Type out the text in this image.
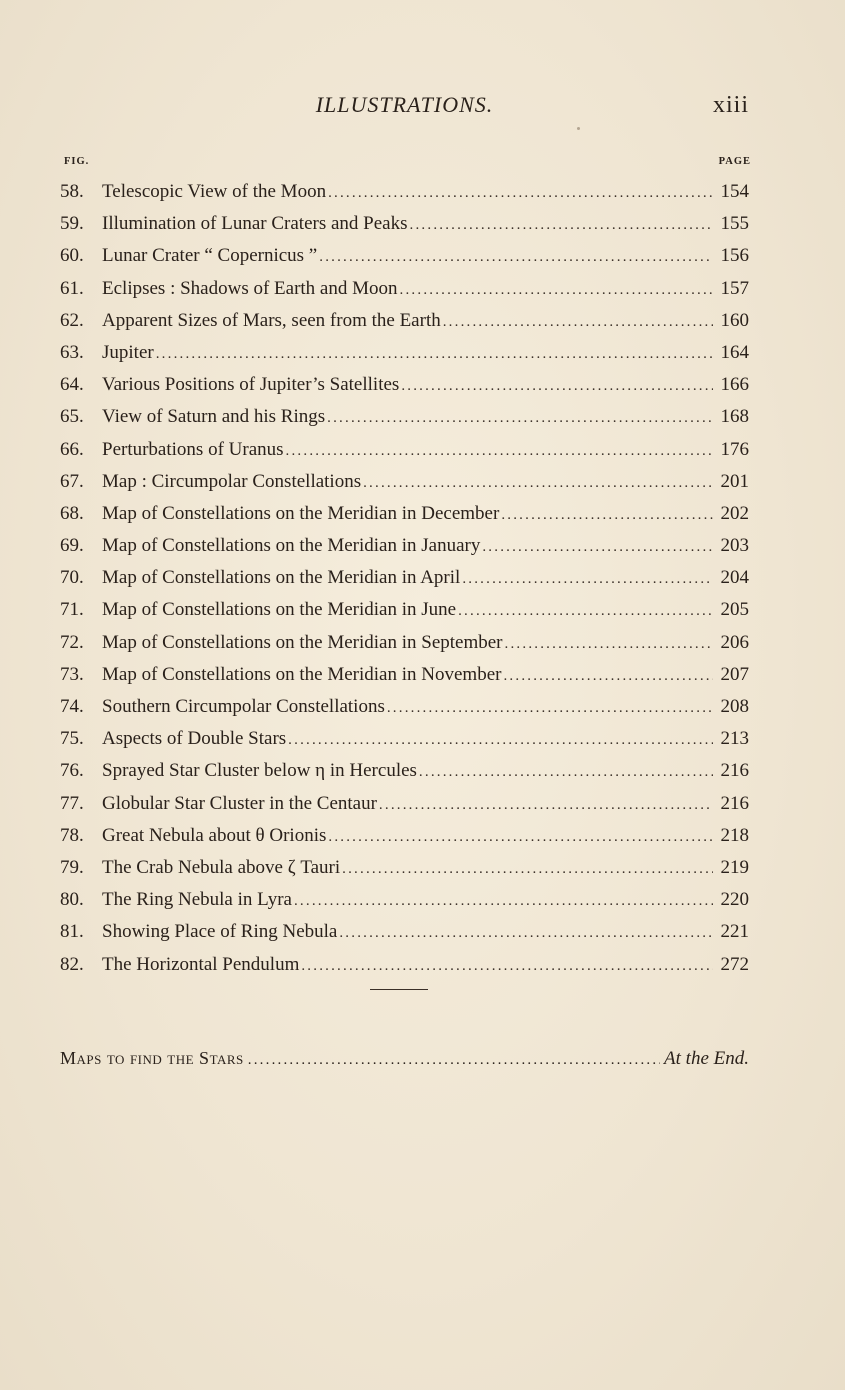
ILLUSTRATIONS.	xiii
FIG.	PAGE
58. Telescopic View of the Moon .....	154
59. Illumination of Lunar Craters and Peaks .....	155
60. Lunar Crater “ Copernicus ” .....	156
61. Eclipses : Shadows of Earth and Moon .....	157
62. Apparent Sizes of Mars, seen from the Earth .....	160
63. Jupiter .....	164
64. Various Positions of Jupiter’s Satellites .....	166
65. View of Saturn and his Rings .....	168
66. Perturbations of Uranus .....	176
67. Map : Circumpolar Constellations .....	201
68. Map of Constellations on the Meridian in December .....	202
69. Map of Constellations on the Meridian in January .....	203
70. Map of Constellations on the Meridian in April .....	204
71. Map of Constellations on the Meridian in June .....	205
72. Map of Constellations on the Meridian in September .....	206
73. Map of Constellations on the Meridian in November .....	207
74. Southern Circumpolar Constellations .....	208
75. Aspects of Double Stars .....	213
76. Sprayed Star Cluster below η in Hercules .....	216
77. Globular Star Cluster in the Centaur .....	216
78. Great Nebula about θ Orionis .....	218
79. The Crab Nebula above ζ Tauri .....	219
80. The Ring Nebula in Lyra .....	220
81. Showing Place of Ring Nebula .....	221
82. The Horizontal Pendulum .....	272
Maps to find the Stars .....	At the End.
